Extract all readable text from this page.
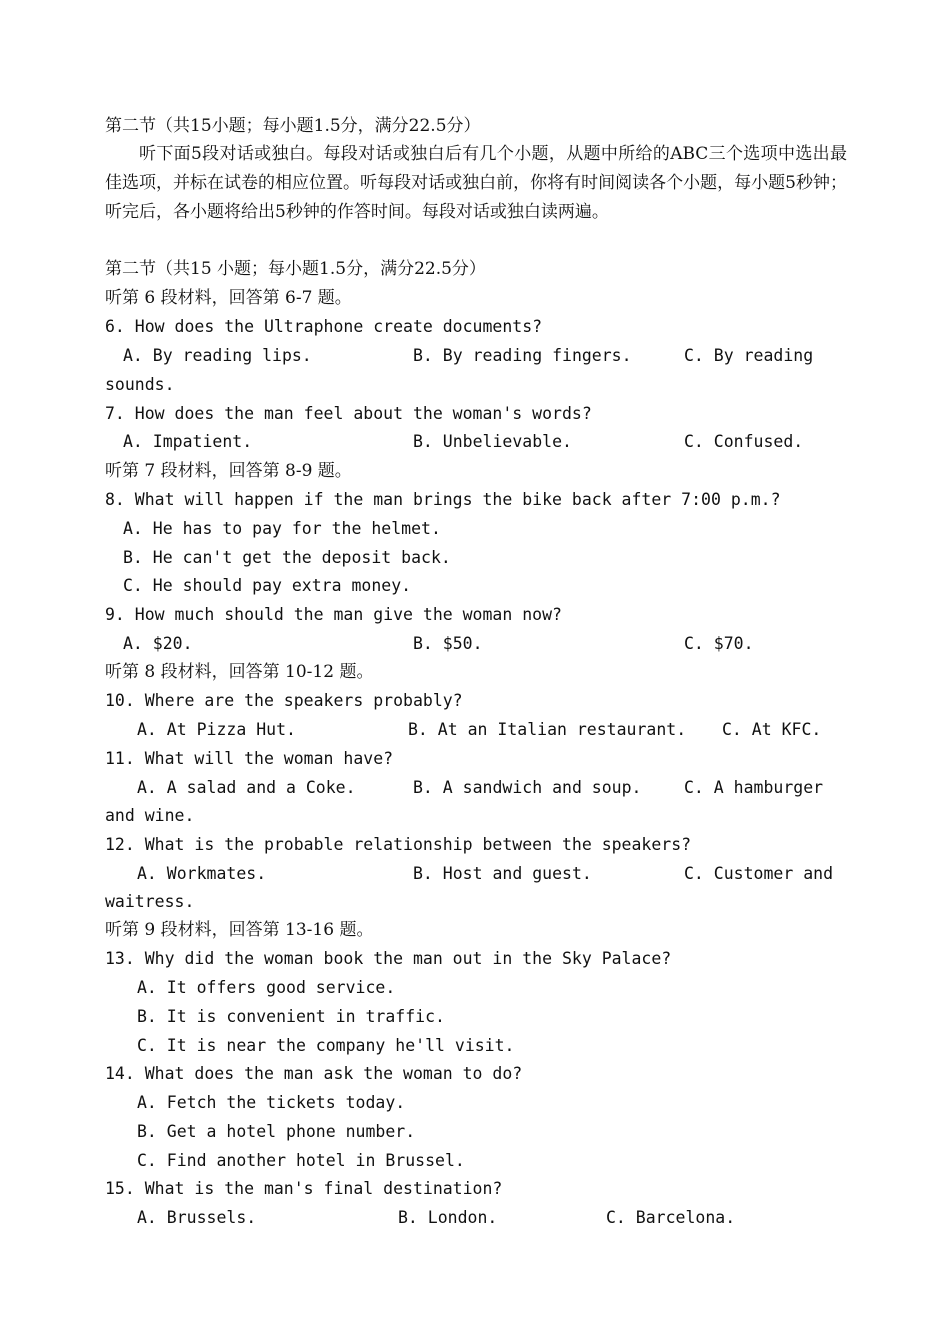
第二节（共15小题；每小题1.5分，满分22.5分）
听下面5段对话或独白。每段对话或独白后有几个小题，从题中所给的ABC三个选项中选出最佳选项，并标在试卷的相应位置。听每段对话或独白前，你将有时间阅读各个小题，每小题5秒钟；听完后，各小题将给出5秒钟的作答时间。每段对话或独白读两遍。
第二节（共15 小题；每小题1.5分，满分22.5分）
听第 6 段材料，回答第 6-7 题。
6. How does the Ultraphone create documents?
A. By reading lips.	B. By reading fingers.	C. By reading
sounds.
7. How does the man feel about the woman's words?
A. Impatient.	B. Unbelievable.	C. Confused.
听第 7 段材料，回答第 8-9 题。
8. What will happen if the man brings the bike back after 7:00 p.m.?
A. He has to pay for the helmet.
B. He can't get the deposit back.
C. He should pay extra money.
9. How much should the man give the woman now?
A. $20.	B. $50.	C. $70.
听第 8 段材料，回答第 10-12 题。
10. Where are the speakers probably?
A. At Pizza Hut.	B. At an Italian restaurant. C. At KFC.
11. What will the woman have?
A. A salad and a Coke.	B. A sandwich and soup.	C. A hamburger
and wine.
12. What is the probable relationship between the speakers?
A. Workmates.	B. Host and guest.	C. Customer and
waitress.
听第 9 段材料，回答第 13-16 题。
13. Why did the woman book the man out in the Sky Palace?
A. It offers good service.
B. It is convenient in traffic.
C. It is near the company he'll visit.
14. What does the man ask the woman to do?
A. Fetch the tickets today.
B. Get a hotel phone number.
C. Find another hotel in Brussel.
15. What is the man's final destination?
A. Brussels.	B. London.	C. Barcelona.
